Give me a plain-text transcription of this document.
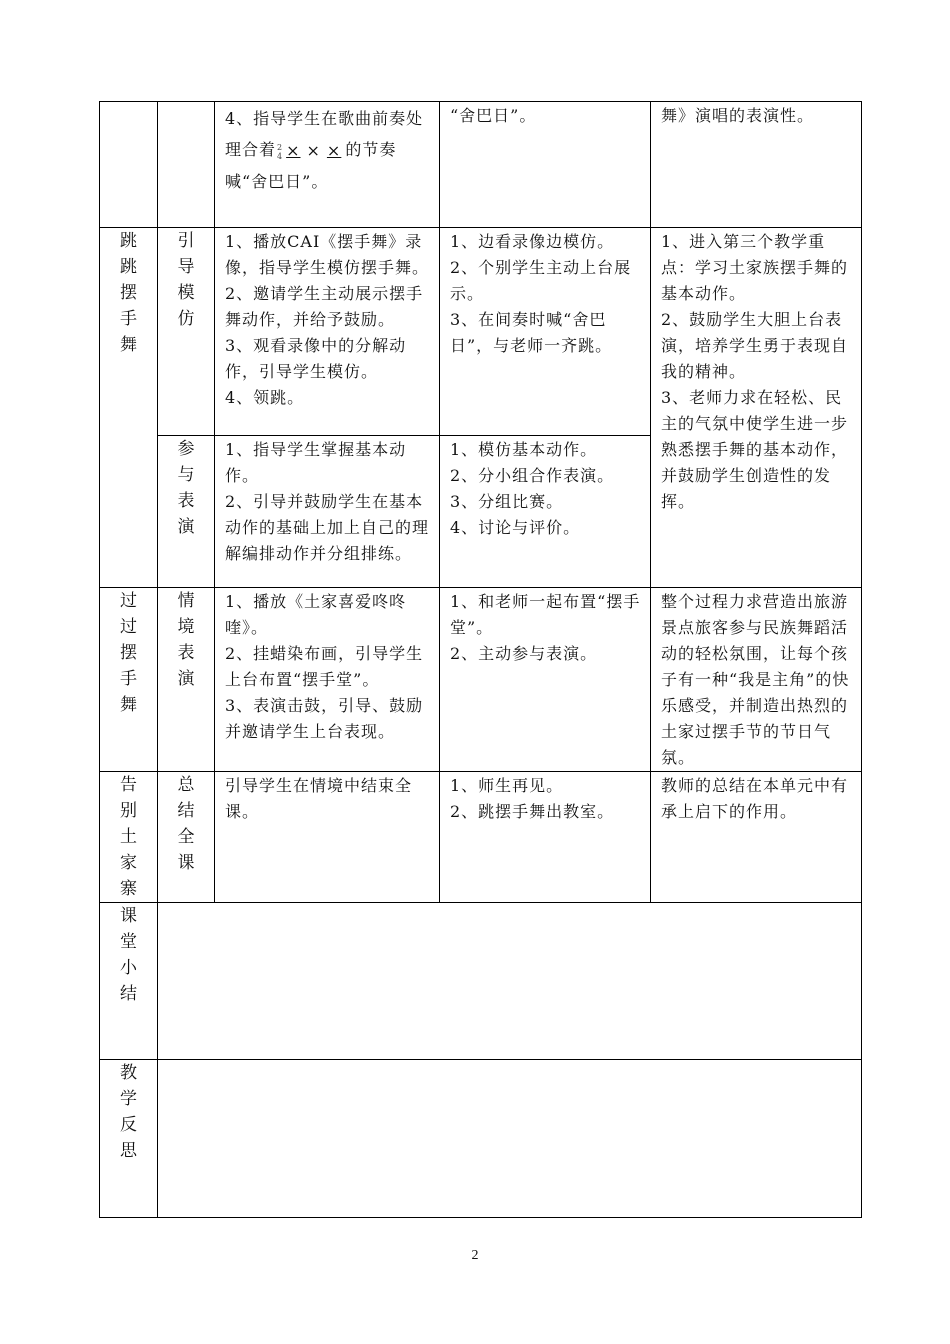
		4、指导学生在歌曲前奏处理合着2
4 × × × 的节奏喊“舍巴日”。	“舍巴日”。	舞》演唱的表演性。

跳跳摆手舞	引导模仿	1、播放CAI《摆手舞》录像，指导学生模仿摆手舞。
2、邀请学生主动展示摆手舞动作，并给予鼓励。
3、观看录像中的分解动作，引导学生模仿。
4、领跳。	1、边看录像边模仿。
2、个别学生主动上台展示。
3、在间奏时喊“舍巴日”，与老师一齐跳。	1、进入第三个教学重点：学习土家族摆手舞的基本动作。
2、鼓励学生大胆上台表演，培养学生勇于表现自我的精神。
3、老师力求在轻松、民主的气氛中使学生进一步熟悉摆手舞的基本动作，并鼓励学生创造性的发挥。

	参与表演	1、指导学生掌握基本动作。
2、引导并鼓励学生在基本动作的基础上加上自己的理解编排动作并分组排练。	1、模仿基本动作。
2、分小组合作表演。
3、分组比赛。
4、讨论与评价。	

过过摆手舞	情境表演	1、播放《土家喜爱咚咚喹》。
2、挂蜡染布画，引导学生上台布置“摆手堂”。
3、表演击鼓，引导、鼓励并邀请学生上台表现。	1、和老师一起布置“摆手堂”。
2、主动参与表演。	整个过程力求营造出旅游景点旅客参与民族舞蹈活动的轻松氛围，让每个孩子有一种“我是主角”的快乐感受，并制造出热烈的土家过摆手节的节日气氛。

告别土家寨	总结全课	引导学生在情境中结束全课。	1、师生再见。
2、跳摆手舞出教室。	教师的总结在本单元中有承上启下的作用。

课堂小结				

教学反思				

2
